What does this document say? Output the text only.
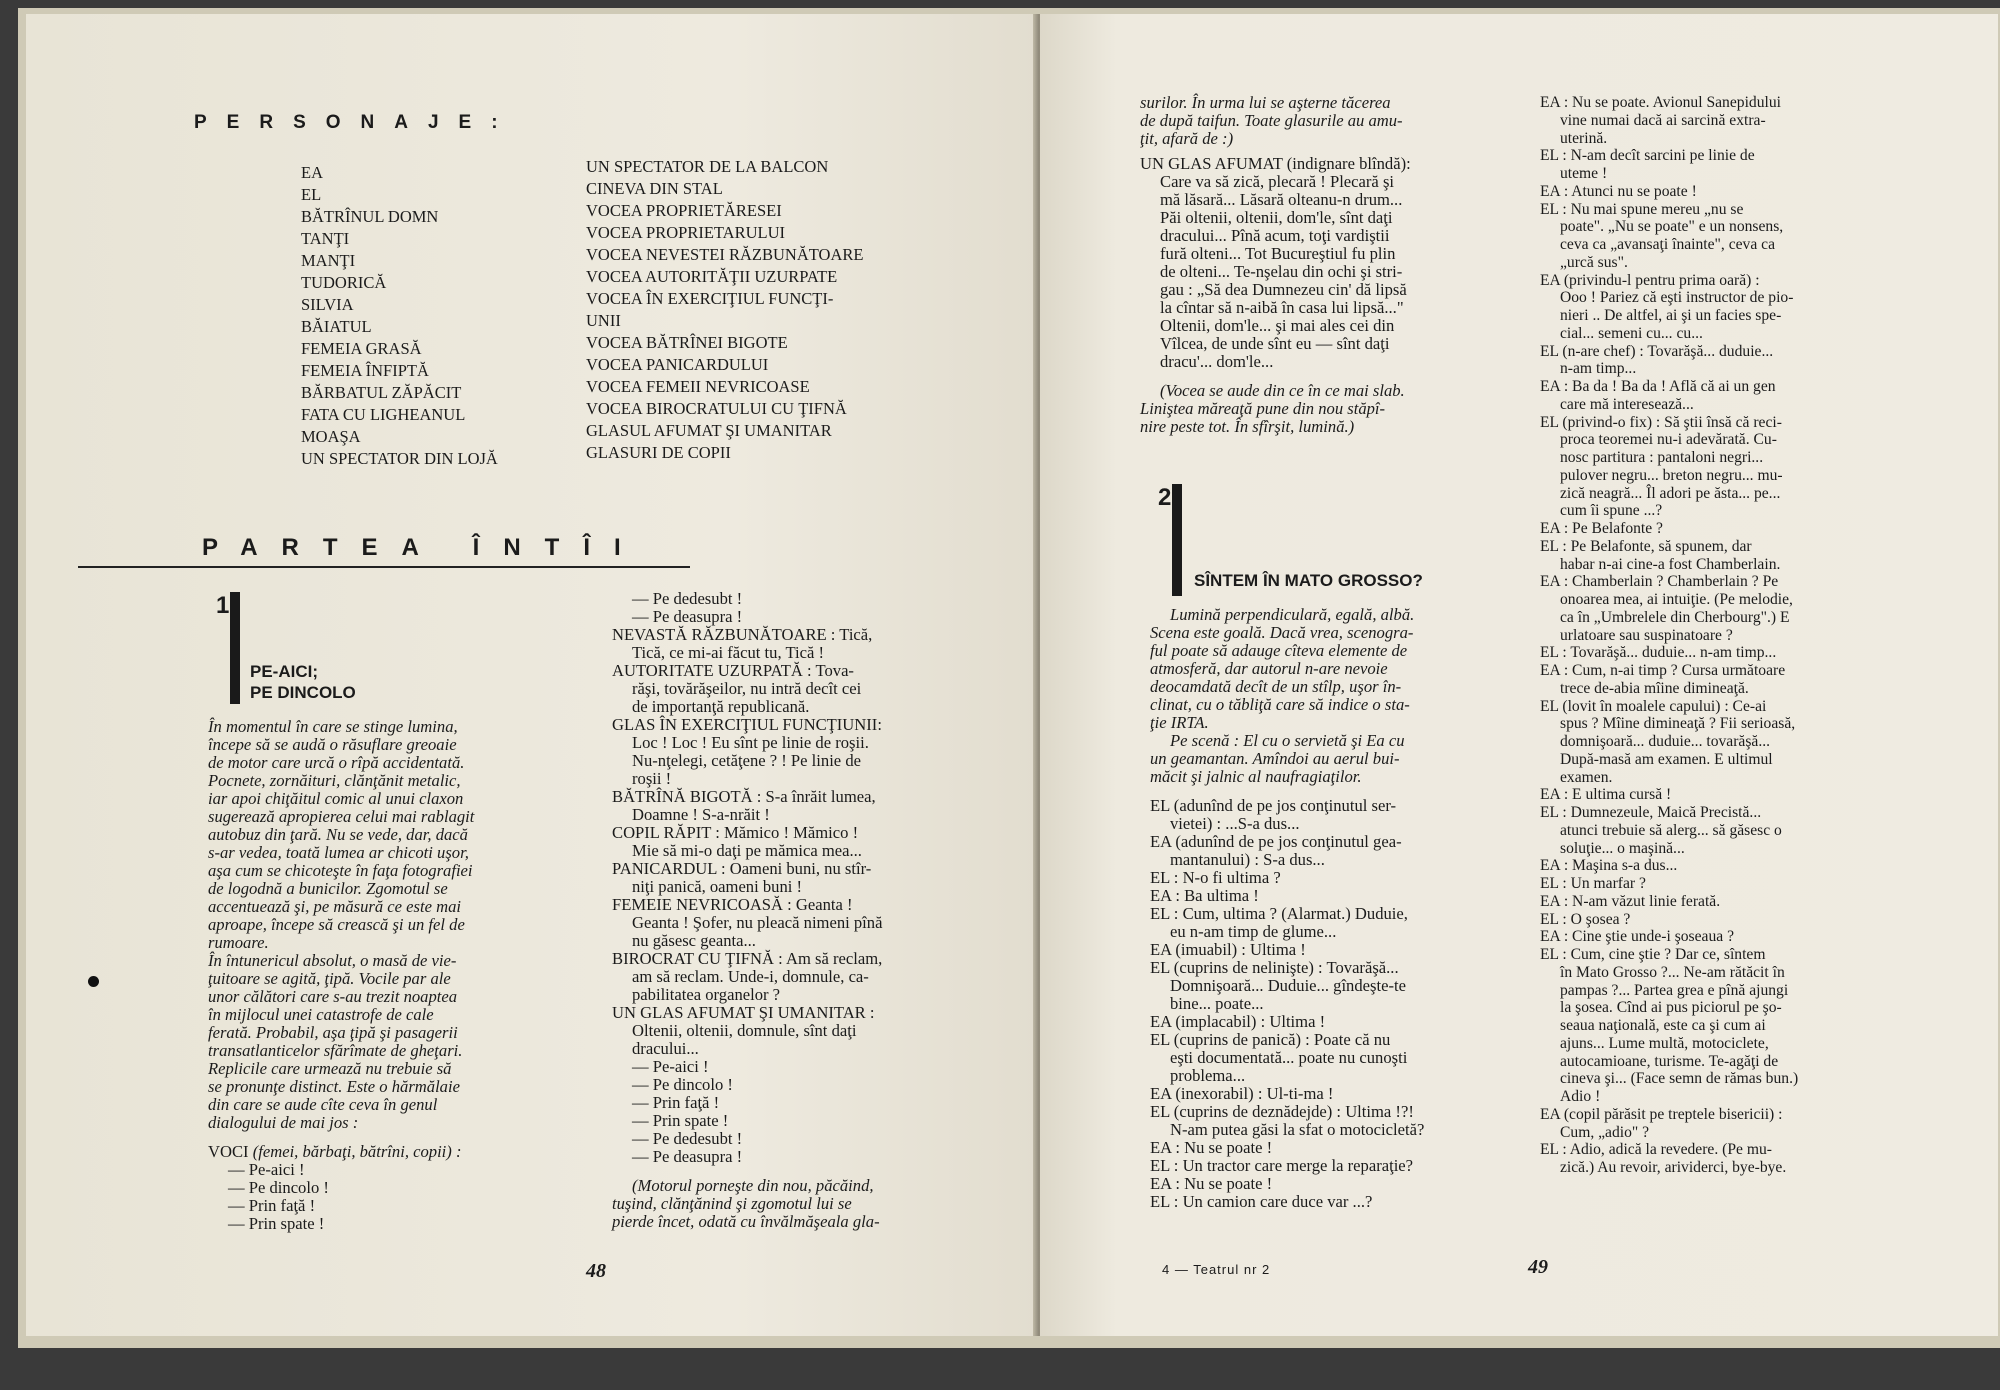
PERSONAJE:
EA
EL
BĂTRÎNUL DOMN
TANŢI
MANŢI
TUDORICĂ
SILVIA
BĂIATUL
FEMEIA GRASĂ
FEMEIA ÎNFIPTĂ
BĂRBATUL ZĂPĂCIT
FATA CU LIGHEANUL
MOAŞA
UN SPECTATOR DIN LOJĂ
UN SPECTATOR DE LA BALCON
CINEVA DIN STAL
VOCEA PROPRIETĂRESEI
VOCEA PROPRIETARULUI
VOCEA NEVESTEI RĂZBUNĂTOARE
VOCEA AUTORITĂŢII UZURPATE
VOCEA ÎN EXERCIŢIUL FUNCŢI-
UNII
VOCEA BĂTRÎNEI BIGOTE
VOCEA PANICARDULUI
VOCEA FEMEII NEVRICOASE
VOCEA BIROCRATULUI CU ŢIFNĂ
GLASUL AFUMAT ŞI UMANITAR
GLASURI DE COPII
PARTEA ÎNTÎI
1
PE-AICI;
PE DINCOLO

În momentul în care se stinge lumina,

începe să se audă o răsuflare greoaie

de motor care urcă o rîpă accidentată.

Pocnete, zornăituri, clănţănit metalic,

iar apoi chiţăitul comic al unui claxon

sugerează apropierea celui mai rablagit

autobuz din ţară. Nu se vede, dar, dacă

s-ar vedea, toată lumea ar chicoti uşor,

aşa cum se chicoteşte în faţa fotografiei

de logodnă a bunicilor. Zgomotul se

accentuează şi, pe măsură ce este mai

aproape, începe să crească şi un fel de

rumoare.

În întunericul absolut, o masă de vie-

ţuitoare se agită, ţipă. Vocile par ale

unor călători care s-au trezit noaptea

în mijlocul unei catastrofe de cale

ferată. Probabil, aşa ţipă şi pasagerii

transatlanticelor sfărîmate de gheţari.

Replicile care urmează nu trebuie să

se pronunţe distinct. Este o hărmălaie

din care se aude cîte ceva în genul

dialogului de mai jos :

VOCI (femei, bărbaţi, bătrîni, copii) :

— Pe-aici !

— Pe dincolo !

— Prin faţă !

— Prin spate !

— Pe dedesubt !

— Pe deasupra !

NEVASTĂ RĂZBUNĂTOARE : Tică,

Tică, ce mi-ai făcut tu, Tică !

AUTORITATE UZURPATĂ : Tova-

răşi, tovărăşeilor, nu intră decît cei

de importanţă republicană.

GLAS ÎN EXERCIŢIUL FUNCŢIUNII:

Loc ! Loc ! Eu sînt pe linie de roşii.

Nu-nţelegi, cetăţene ? ! Pe linie de

roşii !

BĂTRÎNĂ BIGOTĂ : S-a înrăit lumea,

Doamne ! S-a-nrăit !

COPIL RĂPIT : Mămico ! Mămico !

Mie să mi-o daţi pe mămica mea...

PANICARDUL : Oameni buni, nu stîr-

niţi panică, oameni buni !

FEMEIE NEVRICOASĂ : Geanta !

Geanta ! Şofer, nu pleacă nimeni pînă

nu găsesc geanta...

BIROCRAT CU ŢIFNĂ : Am să reclam,

am să reclam. Unde-i, domnule, ca-

pabilitatea organelor ?

UN GLAS AFUMAT ŞI UMANITAR :

Oltenii, oltenii, domnule, sînt daţi

dracului...

— Pe-aici !

— Pe dincolo !

— Prin faţă !

— Prin spate !

— Pe dedesubt !

— Pe deasupra !

(Motorul porneşte din nou, păcăind,

tuşind, clănţănind şi zgomotul lui se

pierde încet, odată cu învălmăşeala gla-

48

surilor. În urma lui se aşterne tăcerea

de după taifun. Toate glasurile au amu-

ţit, afară de :)

UN GLAS AFUMAT (indignare blîndă):

Care va să zică, plecară ! Plecară şi

mă lăsară... Lăsară olteanu-n drum...

Păi oltenii, oltenii, dom'le, sînt daţi

dracului... Pînă acum, toţi vardiştii

fură olteni... Tot Bucureştiul fu plin

de olteni... Te-nşelau din ochi şi stri-

gau : „Să dea Dumnezeu cin' dă lipsă

la cîntar să n-aibă în casa lui lipsă..."

Oltenii, dom'le... şi mai ales cei din

Vîlcea, de unde sînt eu — sînt daţi

dracu'... dom'le...

(Vocea se aude din ce în ce mai slab.

Liniştea măreaţă pune din nou stăpî-

nire peste tot. În sfîrşit, lumină.)

2
SÎNTEM ÎN MATO GROSSO?

Lumină perpendiculară, egală, albă.

Scena este goală. Dacă vrea, scenogra-

ful poate să adauge cîteva elemente de

atmosferă, dar autorul n-are nevoie

deocamdată decît de un stîlp, uşor în-

clinat, cu o tăbliţă care să indice o sta-

ţie IRTA.

Pe scenă : El cu o servietă şi Ea cu

un geamantan. Amîndoi au aerul bui-

măcit şi jalnic al naufragiaţilor.

EL (adunînd de pe jos conţinutul ser-

vietei) : ...S-a dus...

EA (adunînd de pe jos conţinutul gea-

mantanului) : S-a dus...

EL : N-o fi ultima ?

EA : Ba ultima !

EL : Cum, ultima ? (Alarmat.) Duduie,

eu n-am timp de glume...

EA (imuabil) : Ultima !

EL (cuprins de nelinişte) : Tovarăşă...

Domnişoară... Duduie... gîndeşte-te

bine... poate...

EA (implacabil) : Ultima !

EL (cuprins de panică) : Poate că nu

eşti documentată... poate nu cunoşti

problema...

EA (inexorabil) : Ul-ti-ma !

EL (cuprins de deznădejde) : Ultima !?!

N-am putea găsi la sfat o motocicletă?

EA : Nu se poate !

EL : Un tractor care merge la reparaţie?

EA : Nu se poate !

EL : Un camion care duce var ...?

EA : Nu se poate. Avionul Sanepidului

vine numai dacă ai sarcină extra-

uterină.

EL : N-am decît sarcini pe linie de

uteme !

EA : Atunci nu se poate !

EL : Nu mai spune mereu „nu se

poate". „Nu se poate" e un nonsens,

ceva ca „avansaţi înainte", ceva ca

„urcă sus".

EA (privindu-l pentru prima oară) :

Ooo ! Pariez că eşti instructor de pio-

nieri .. De altfel, ai şi un facies spe-

cial... semeni cu... cu...

EL (n-are chef) : Tovarăşă... duduie...

n-am timp...

EA : Ba da ! Ba da ! Află că ai un gen

care mă interesează...

EL (privind-o fix) : Să ştii însă că reci-

proca teoremei nu-i adevărată. Cu-

nosc partitura : pantaloni negri...

pulover negru... breton negru... mu-

zică neagră... Îl adori pe ăsta... pe...

cum îi spune ...?

EA : Pe Belafonte ?

EL : Pe Belafonte, să spunem, dar

habar n-ai cine-a fost Chamberlain.

EA : Chamberlain ? Chamberlain ? Pe

onoarea mea, ai intuiţie. (Pe melodie,

ca în „Umbrelele din Cherbourg".) E

urlatoare sau suspinatoare ?

EL : Tovarăşă... duduie... n-am timp...

EA : Cum, n-ai timp ? Cursa următoare

trece de-abia mîine dimineaţă.

EL (lovit în moalele capului) : Ce-ai

spus ? Mîine dimineaţă ? Fii serioasă,

domnişoară... duduie... tovarăşă...

După-masă am examen. E ultimul

examen.

EA : E ultima cursă !

EL : Dumnezeule, Maică Precistă...

atunci trebuie să alerg... să găsesc o

soluţie... o maşină...

EA : Maşina s-a dus...

EL : Un marfar ?

EA : N-am văzut linie ferată.

EL : O şosea ?

EA : Cine ştie unde-i şoseaua ?

EL : Cum, cine ştie ? Dar ce, sîntem

în Mato Grosso ?... Ne-am rătăcit în

pampas ?... Partea grea e pînă ajungi

la şosea. Cînd ai pus piciorul pe şo-

seaua naţională, este ca şi cum ai

ajuns... Lume multă, motociclete,

autocamioane, turisme. Te-agăţi de

cineva şi... (Face semn de rămas bun.)

Adio !

EA (copil părăsit pe treptele bisericii) :

Cum, „adio" ?

EL : Adio, adică la revedere. (Pe mu-

zică.) Au revoir, arividerci, bye-bye.

4 — Teatrul nr 2	49
